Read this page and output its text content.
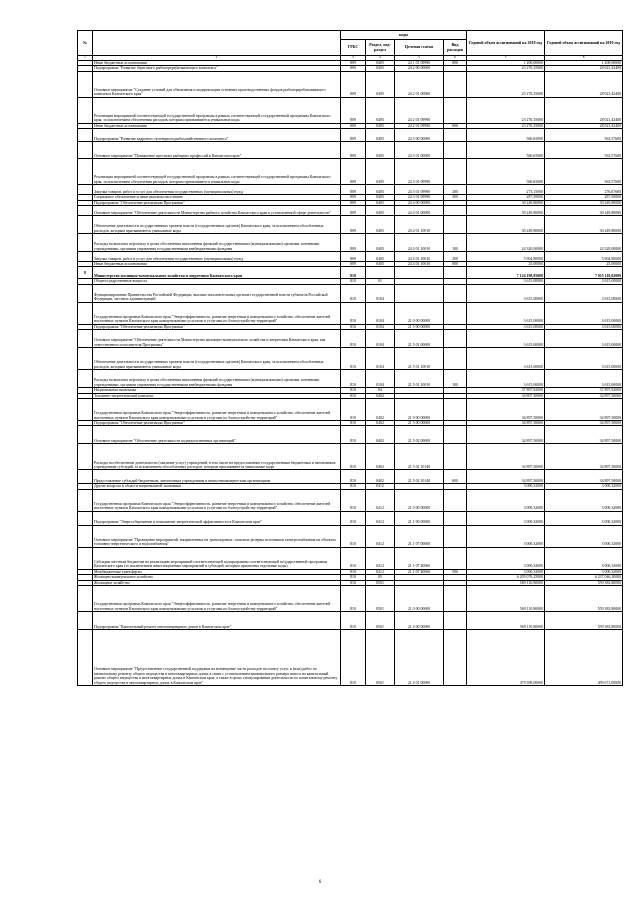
№		коды				Годовой объем ассигнований на 2018 год	Годовой объем ассигнований на 2019 год
		ГРБС	Раздел, под-раздел	Целевая статья	Вид расходов		
1	2	3	4	5	6	7	8
	Иные бюджетные ассигнования	809	0405	24 1 01 09990	800	1 200,00000	1 200,00000
	Подпрограмма "Развитие берегового рыбоперерабатывающего комплекса"	809	0405	24 2 00 00000		23 276,35000	28 021,42400
	Основное мероприятие "Создание условий для обновления и модернизации основных производственных фондов рыбоперерабатывающего комплекса Камчатского края"	809	0405	24 2 01 00000		23 276,35000	28 021,42400
	Реализация мероприятий соответствующей государственной программы в рамках соответствующей государственной программы Камчатского края, за исключением обеспечения расходов, которым присваиваются уникальные коды	809	0405	24 2 01 09990		23 276,35000	28 021,42400
	Иные бюджетные ассигнования	809	0405	24 2 01 09990	800	23 276,35000	28 021,42400
	Подпрограмма "Развитие кадрового потенциала рыбохозяйственного комплекса"	809	0405	24 3 00 00000		560,65000	563,57600
	Основное мероприятие "Повышение престижа рыбацких профессий в Камчатском крае"	809	0405	24 3 01 00000		560,65000	563,57600
	Реализация мероприятий соответствующей государственной программы в рамках соответствующей государственной программы Камчатского края, за исключением обеспечения расходов, которым присваиваются уникальные коды	809	0405	24 3 01 09990		560,65000	563,57600
	Закупка товаров, работ и услуг для обеспечения государственных (муниципальных) нужд	809	0405	24 3 01 09990	200	273,15000	276,07600
	Социальное обеспечение и иные выплаты населению	809	0405	24 3 01 09990	300	287,50000	287,50000
	Подпрограмма "Обеспечение реализации Программы"	809	0405	24 4 00 00000		30 249,80000	30 249,80000
	Основное мероприятие "Обеспечение деятельности Министерства рыбного хозяйства Камчатского края в установленной сфере деятельности"	809	0405	24 4 01 00000		30 249,80000	30 249,80000
	Обеспечение деятельности государственных органов власти (государственных органов) Камчатского края, за исключением обособленных расходов, которым присваиваются уникальные коды	809	0405	24 4 01 10010		30 249,80000	30 249,80000
	Расходы на выплаты персоналу в целях обеспечения выполнения функций государственными (муниципальными) органами, казенными учреждениями, органами управления государственными внебюджетными фондами	809	0405	24 4 01 10010	100	24 320,00000	24 320,00000
	Закупка товаров, работ и услуг для обеспечения государственных (муниципальных) нужд	809	0405	24 4 01 10010	200	5 904,80000	5 904,80000
	Иные бюджетные ассигнования	809	0405	24 4 01 10010	800	25,00000	25,00000
8	Министерство жилищно-коммунального хозяйства и энергетики Камчатского края	810				7 124 108,85000	7 015 110,02000
	Общегосударственные вопросы	810	01			3 615,00000	3 615,00000
	Функционирование Правительства Российской Федерации, высших исполнительных органов государственной власти субъектов Российской Федерации, местных администраций	810	0104			3 615,00000	3 615,00000
	Государственная программа Камчатского края "Энергоэффективность, развитие энергетики и коммунального хозяйства, обеспечение жителей населенных пунктов Камчатского края коммунальными услугами и услугами по благоустройству территорий"	810	0104	21 0 00 00000		3 615,00000	3 615,00000
	Подпрограмма "Обеспечение реализации Программы"	810	0104	21 5 00 00000		3 615,00000	3 615,00000
	Основное мероприятие "Обеспечение деятельности Министерства жилищно-коммунального хозяйства и энергетики Камчатского края, как ответственного исполнителя Программы"	810	0104	21 5 01 00000		3 615,00000	3 615,00000
	Обеспечение деятельности государственных органов власти (государственных органов) Камчатского края, за исключением обособленных расходов, которым присваиваются уникальные коды	810	0104	21 5 01 10010		3 615,00000	3 615,00000
	Расходы на выплаты персоналу в целях обеспечения выполнения функций государственными (муниципальными) органами, казенными учреждениями, органами управления государственными внебюджетными фондами	810	0104	21 5 01 10010	100	3 615,00000	3 615,00000
	Национальная экономика	810	04			37 897,82000	37 897,82000
	Топливно-энергетический комплекс	810	0402			34 897,50000	34 897,50000
	Государственная программа Камчатского края "Энергоэффективность, развитие энергетики и коммунального хозяйства, обеспечение жителей населенных пунктов Камчатского края коммунальными услугами и услугами по благоустройству территорий"	810	0402	21 0 00 00000		34 897,50000	34 897,50000
	Подпрограмма "Обеспечение реализации Программы"	810	0402	21 5 00 00000		34 897,50000	34 897,50000
	Основное мероприятие "Обеспечение деятельности подведомственных организаций"	810	0402	21 5 02 00000		34 897,50000	34 897,50000
	Расходы на обеспечение деятельности (оказание услуг) учреждений, в том числе на предоставление государственным бюджетным и автономным учреждениям субсидий, за исключением обособленных расходов, которым присваиваются уникальные коды	810	0402	21 5 02 10140		34 897,50000	34 897,50000
	Предоставление субсидий бюджетным, автономным учреждениям и иным некоммерческим организациям	810	0402	21 5 02 10140	600	34 897,50000	34 897,50000
	Другие вопросы в области национальной экономики	810	0412			3 000,32000	3 000,32000
	Государственная программа Камчатского края "Энергоэффективность, развитие энергетики и коммунального хозяйства, обеспечение жителей населенных пунктов Камчатского края коммунальными услугами и услугами по благоустройству территорий"	810	0412	21 0 00 00000		3 000,32000	3 000,32000
	Подпрограмма "Энергосбережение и повышение энергетической эффективности в Камчатском крае"	810	0412	21 1 00 00000		3 000,32000	3 000,32000
	Основное мероприятие "Проведение мероприятий, направленных на транспортные, запасные резервы источников электроснабжения на объектах топливно-энергетического и водоснабжения"	810	0412	21 1 07 00000		3 000,32000	3 000,32000
	Субсидии местным бюджетам на реализацию мероприятий соответствующей подпрограммы соответствующей государственной программы Камчатского края (за исключением инвестиционных мероприятий и субсидий, которым присвоены отдельные коды)	810	0412	21 1 07 40060		3 000,32000	3 000,32000
	Межбюджетные трансферты	810	0412	21 1 07 40060	500	3 000,32000	3 000,32000
	Жилищно-коммунальное хозяйство	810	05			6 205 076,25000	6 237 046,20000
	Жилищное хозяйство	810	0501			569 110,80000	559 383,80000
	Государственная программа Камчатского края "Энергоэффективность, развитие энергетики и коммунального хозяйства, обеспечение жителей населенных пунктов Камчатского края коммунальными услугами и услугами по благоустройству территорий"	810	0501	21 0 00 00000		569 110,80000	559 383,80000
	Подпрограмма "Капитальный ремонт многоквартирных домов в Камчатском крае"	810	0501	21 4 00 00000		569 110,80000	559 383,80000
	Основное мероприятие "Предоставление государственной поддержки на возмещение части расходов на оплату услуг и (или) работ по капитальному ремонту общего имущества в многоквартирных домах в связи с установлением минимального размера взноса на капитальный ремонт общего имущества в многоквартирных домах в Камчатском крае, а также в целях стимулирования деятельности по капитальному ремонту общего имущества в многоквартирных домах в Камчатском крае"	810	0501	21 4 01 00000		479 398,00000	499 671,00000
6
